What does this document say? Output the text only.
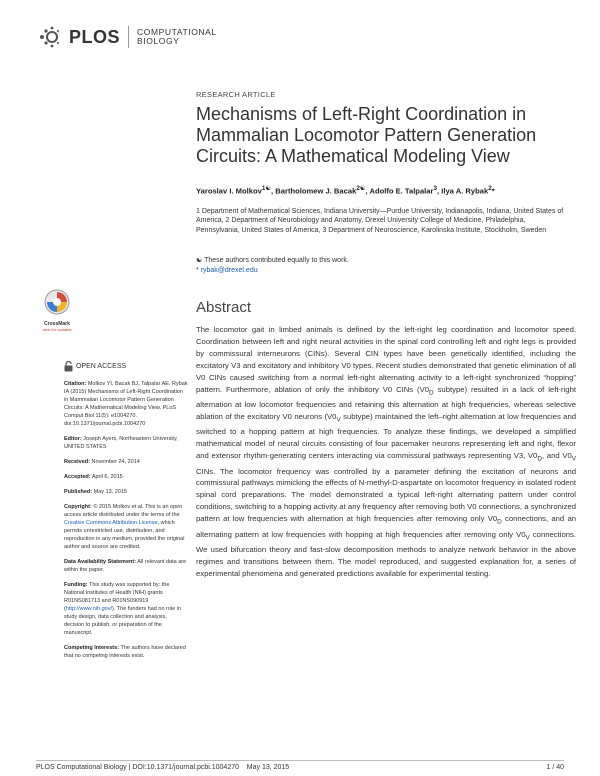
PLOS COMPUTATIONAL
BIOLOGY
RESEARCH ARTICLE
Mechanisms of Left-Right Coordination in Mammalian Locomotor Pattern Generation Circuits: A Mathematical Modeling View
Yaroslav I. Molkov$^{1☯}$, Bartholomew J. Bacak$^{2☯}$, Adolfo E. Talpalar$^3$, Ilya A. Rybak$^2$*
1 Department of Mathematical Sciences, Indiana University—Purdue University, Indianapolis, Indiana, United States of America, 2 Department of Neurobiology and Anatomy, Drexel University College of Medicine, Philadelphia, Pennsylvania, United States of America, 3 Department of Neuroscience, Karolinska Institute, Stockholm, Sweden
☯ These authors contributed equally to this work.
* rybak@drexel.edu
CrossMark
click for updates
OPEN ACCESS

Citation: Molkov YI, Bacak BJ, Talpalar AE, Rybak IA (2015) Mechanisms of Left-Right Coordination in Mammalian Locomotor Pattern Generation Circuits: A Mathematical Modeling View. PLoS Comput Biol 11(5): e1004270. doi:10.1371/journal.pcbi.1004270

Editor: Joseph Ayers, Northeastern University, UNITED STATES

Received: November 24, 2014

Accepted: April 6, 2015

Published: May 13, 2015

Copyright: © 2015 Molkov et al. This is an open access article distributed under the terms of the Creative Commons Attribution License, which permits unrestricted use, distribution, and reproduction in any medium, provided the original author and source are credited.

Data Availability Statement: All relevant data are within the paper.

Funding: This study was supported by: the National Institutes of Health (NIH) grants R01NS081713 and R01NS090919 (http://www.nih.gov/). The funders had no role in study design, data collection and analysis, decision to publish, or preparation of the manuscript.

Competing Interests: The authors have declared that no competing interests exist.

Abstract

The locomotor gait in limbed animals is defined by the left-right leg coordination and locomotor speed. Coordination between left and right neural activities in the spinal cord controlling left and right legs is provided by commissural interneurons (CINs). Several CIN types have been genetically identified, including the excitatory V3 and excitatory and inhibitory V0 types. Recent studies demonstrated that genetic elimination of all V0 CINs caused switching from a normal left-right alternating activity to a left-right synchronized “hopping” pattern. Furthermore, ablation of only the inhibitory V0 CINs ($V0_D$ subtype) resulted in a lack of left-right alternation at low locomotor frequencies and retaining this alternation at high frequencies, whereas selective ablation of the excitatory V0 neurons ($V0_V$ subtype) maintained the left–right alternation at low frequencies and switched to a hopping pattern at high frequencies. To analyze these findings, we developed a simplified mathematical model of neural circuits consisting of four pacemaker neurons representing left and right, flexor and extensor rhythm-generating centers interacting via commissural pathways representing V3, $V0_D$, and $V0_V$ CINs. The locomotor frequency was controlled by a parameter defining the excitation of neurons and commissural pathways mimicking the effects of N-methyl-D-aspartate on locomotor frequency in isolated rodent spinal cord preparations. The model demonstrated a typical left-right alternating pattern under control conditions, switching to a hopping activity at any frequency after removing both V0 connections, a synchronized pattern at low frequencies with alternation at high frequencies after removing only $V0_D$ connections, and an alternating pattern at low frequencies with hopping at high frequencies after removing only $V0_V$ connections. We used bifurcation theory and fast-slow decomposition methods to analyze network behavior in the above regimes and transitions between them. The model reproduced, and suggested explanation for, a series of experimental phenomena and generated predictions available for experimental testing.

PLOS Computational Biology | DOI:10.1371/journal.pcbi.1004270    May 13, 2015	1 / 40
